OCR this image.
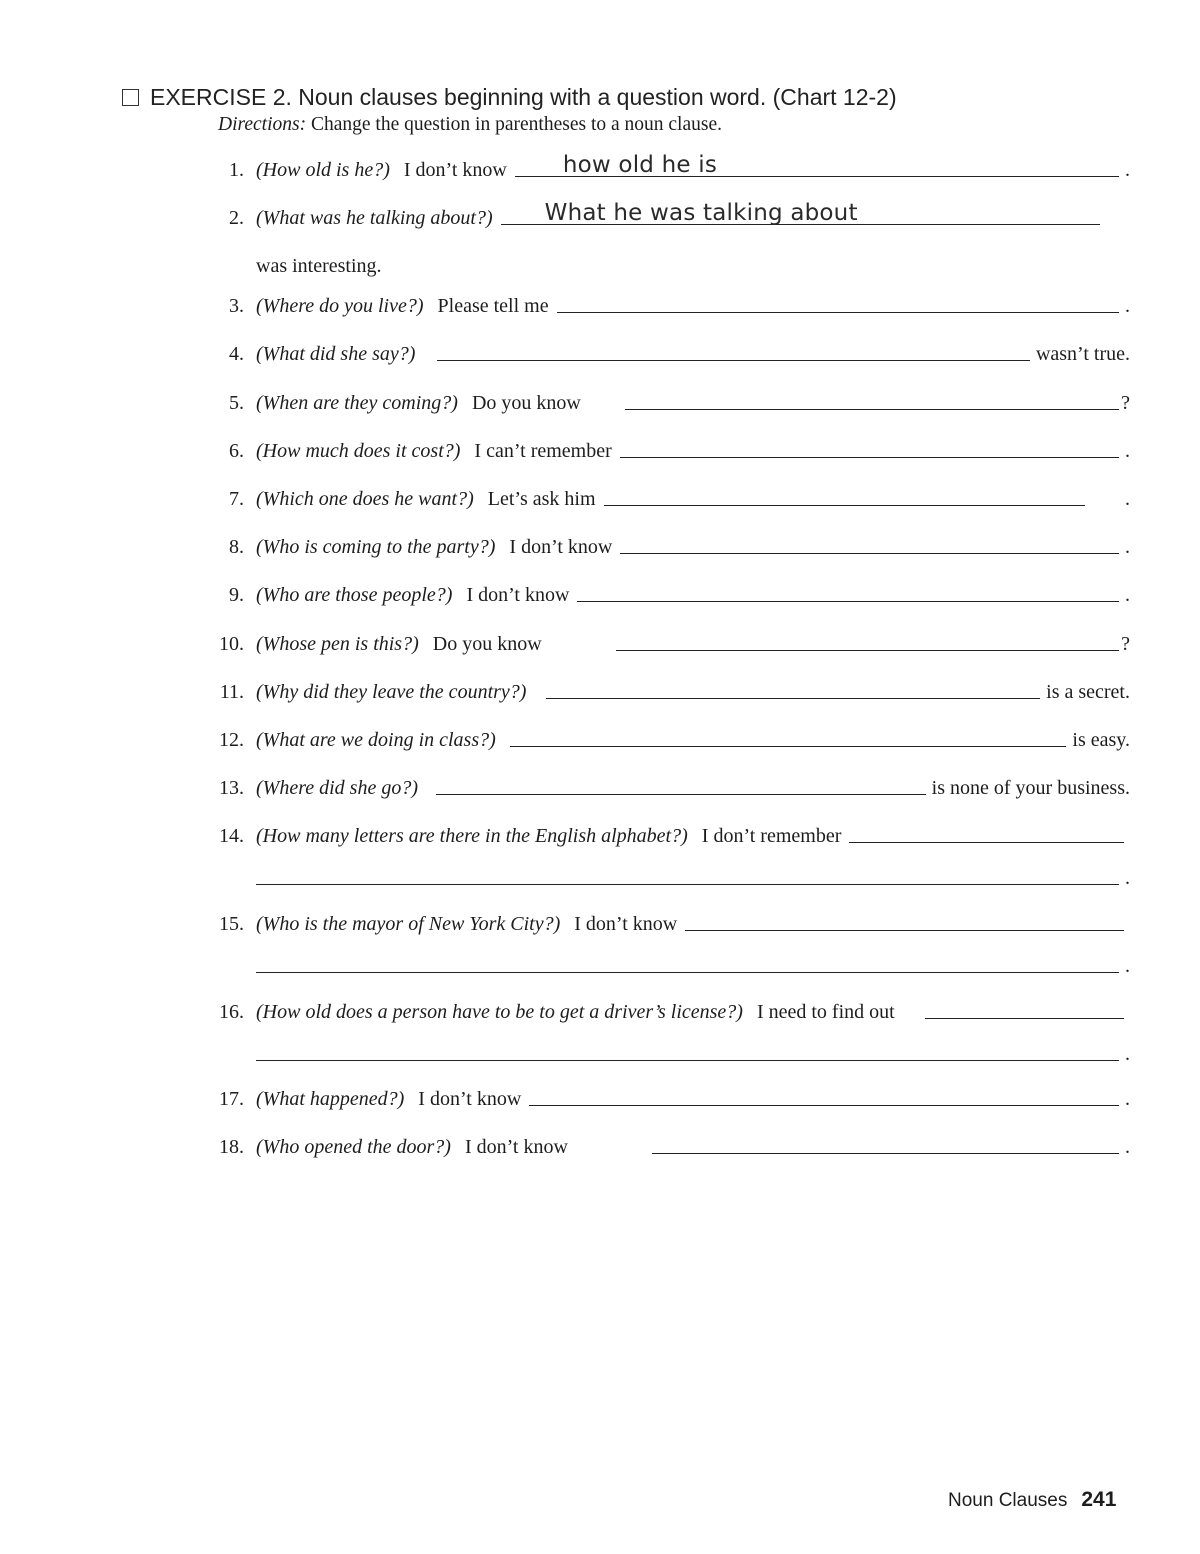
EXERCISE 2. Noun clauses beginning with a question word. (Chart 12-2)
Directions: Change the question in parentheses to a noun clause.
1. (How old is he?) I don’t know how old he is	.
2. (What was he talking about?) What he was talking about
was interesting.
3. (Where do you live?) Please tell me	.
4. (What did she say?)	wasn’t true.
5. (When are they coming?) Do you know	?
6. (How much does it cost?) I can’t remember	.
7. (Which one does he want?) Let’s ask him	.
8. (Who is coming to the party?) I don’t know	.
9. (Who are those people?) I don’t know	.
10. (Whose pen is this?) Do you know	?
11. (Why did they leave the country?)	is a secret.
12. (What are we doing in class?)	is easy.
13. (Where did she go?)	is none of your business.
14. (How many letters are there in the English alphabet?) I don’t remember
.
15. (Who is the mayor of New York City?) I don’t know
.
16. (How old does a person have to be to get a driver’s license?) I need to find out
.
17. (What happened?) I don’t know	.
18. (Who opened the door?) I don’t know	.
Noun Clauses 241
